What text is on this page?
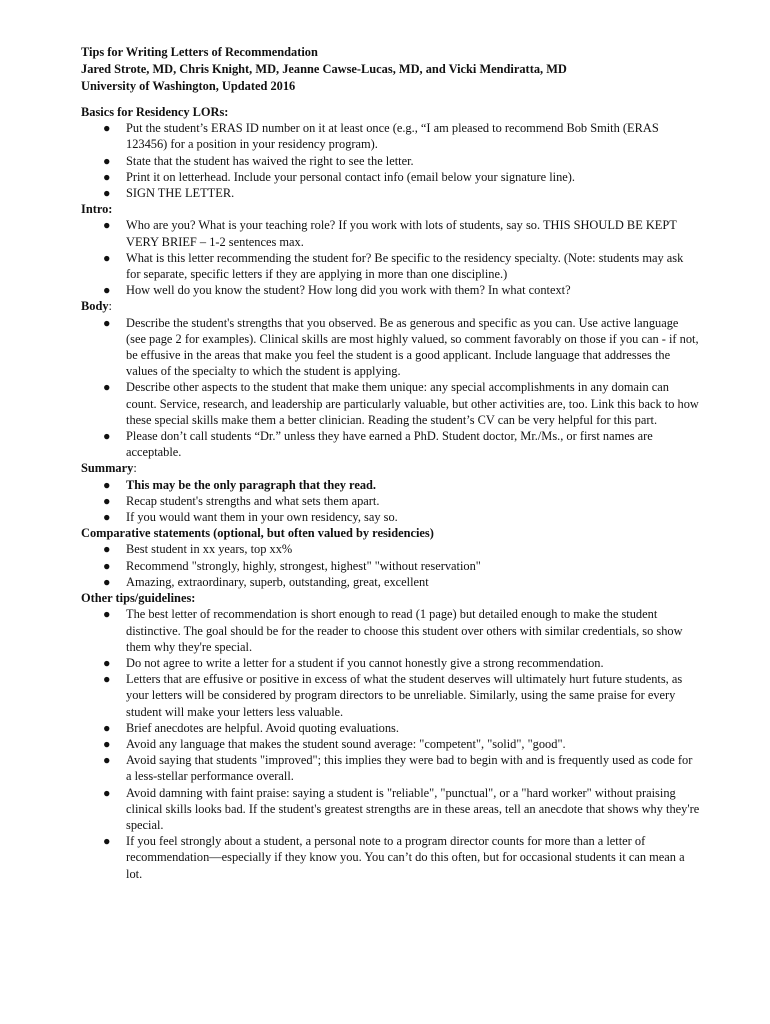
Tips for Writing Letters of Recommendation
Jared Strote, MD, Chris Knight, MD, Jeanne Cawse-Lucas, MD, and Vicki Mendiratta, MD
University of Washington, Updated 2016
Basics for Residency LORs:
● Put the student’s ERAS ID number on it at least once (e.g., “I am pleased to recommend Bob Smith (ERAS 123456) for a position in your residency program).
● State that the student has waived the right to see the letter.
● Print it on letterhead. Include your personal contact info (email below your signature line).
● SIGN THE LETTER.
Intro:
● Who are you? What is your teaching role? If you work with lots of students, say so. THIS SHOULD BE KEPT VERY BRIEF – 1-2 sentences max.
● What is this letter recommending the student for? Be specific to the residency specialty. (Note: students may ask for separate, specific letters if they are applying in more than one discipline.)
● How well do you know the student? How long did you work with them? In what context?
Body:
● Describe the student's strengths that you observed. Be as generous and specific as you can. Use active language (see page 2 for examples). Clinical skills are most highly valued, so comment favorably on those if you can - if not, be effusive in the areas that make you feel the student is a good applicant. Include language that addresses the values of the specialty to which the student is applying.
● Describe other aspects to the student that make them unique: any special accomplishments in any domain can count. Service, research, and leadership are particularly valuable, but other activities are, too. Link this back to how these special skills make them a better clinician. Reading the student’s CV can be very helpful for this part.
● Please don’t call students “Dr.” unless they have earned a PhD. Student doctor, Mr./Ms., or first names are acceptable.
Summary:
● This may be the only paragraph that they read.
● Recap student's strengths and what sets them apart.
● If you would want them in your own residency, say so.
Comparative statements (optional, but often valued by residencies)
● Best student in xx years, top xx%
● Recommend "strongly, highly, strongest, highest" "without reservation"
● Amazing, extraordinary, superb, outstanding, great, excellent
Other tips/guidelines:
● The best letter of recommendation is short enough to read (1 page) but detailed enough to make the student distinctive. The goal should be for the reader to choose this student over others with similar credentials, so show them why they're special.
● Do not agree to write a letter for a student if you cannot honestly give a strong recommendation.
● Letters that are effusive or positive in excess of what the student deserves will ultimately hurt future students, as your letters will be considered by program directors to be unreliable. Similarly, using the same praise for every student will make your letters less valuable.
● Brief anecdotes are helpful. Avoid quoting evaluations.
● Avoid any language that makes the student sound average: "competent", "solid", "good".
● Avoid saying that students "improved"; this implies they were bad to begin with and is frequently used as code for a less-stellar performance overall.
● Avoid damning with faint praise: saying a student is "reliable", "punctual", or a "hard worker" without praising clinical skills looks bad. If the student's greatest strengths are in these areas, tell an anecdote that shows why they're special.
● If you feel strongly about a student, a personal note to a program director counts for more than a letter of recommendation—especially if they know you. You can’t do this often, but for occasional students it can mean a lot.
